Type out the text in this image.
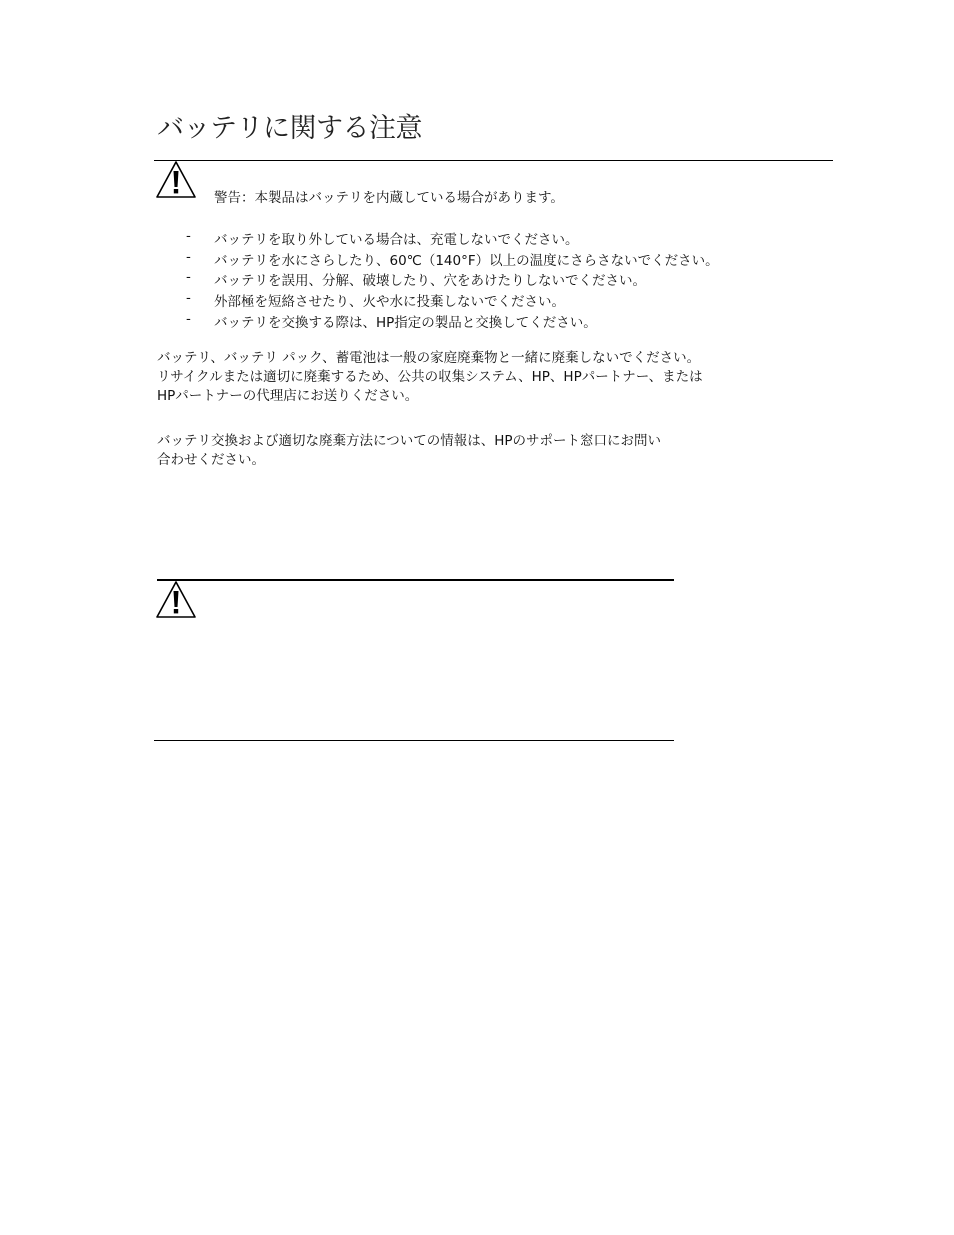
バッテリに関する注意
警告：本製品はバッテリを内蔵している場合があります。
-	バッテリを取り外している場合は、充電しないでください。
-	バッテリを水にさらしたり、60℃（140°F）以上の温度にさらさないでください。
-	バッテリを誤用、分解、破壊したり、穴をあけたりしないでください。
-	外部極を短絡させたり、火や水に投棄しないでください。
-	バッテリを交換する際は、HP指定の製品と交換してください。

バッテリ、バッテリ パック、蓄電池は一般の家庭廃棄物と一緒に廃棄しないでください。
リサイクルまたは適切に廃棄するため、公共の収集システム、HP、HPパートナー、または
HPパートナーの代理店にお送りください。

バッテリ交換および適切な廃棄方法についての情報は、HPのサポート窓口にお問い
合わせください。
